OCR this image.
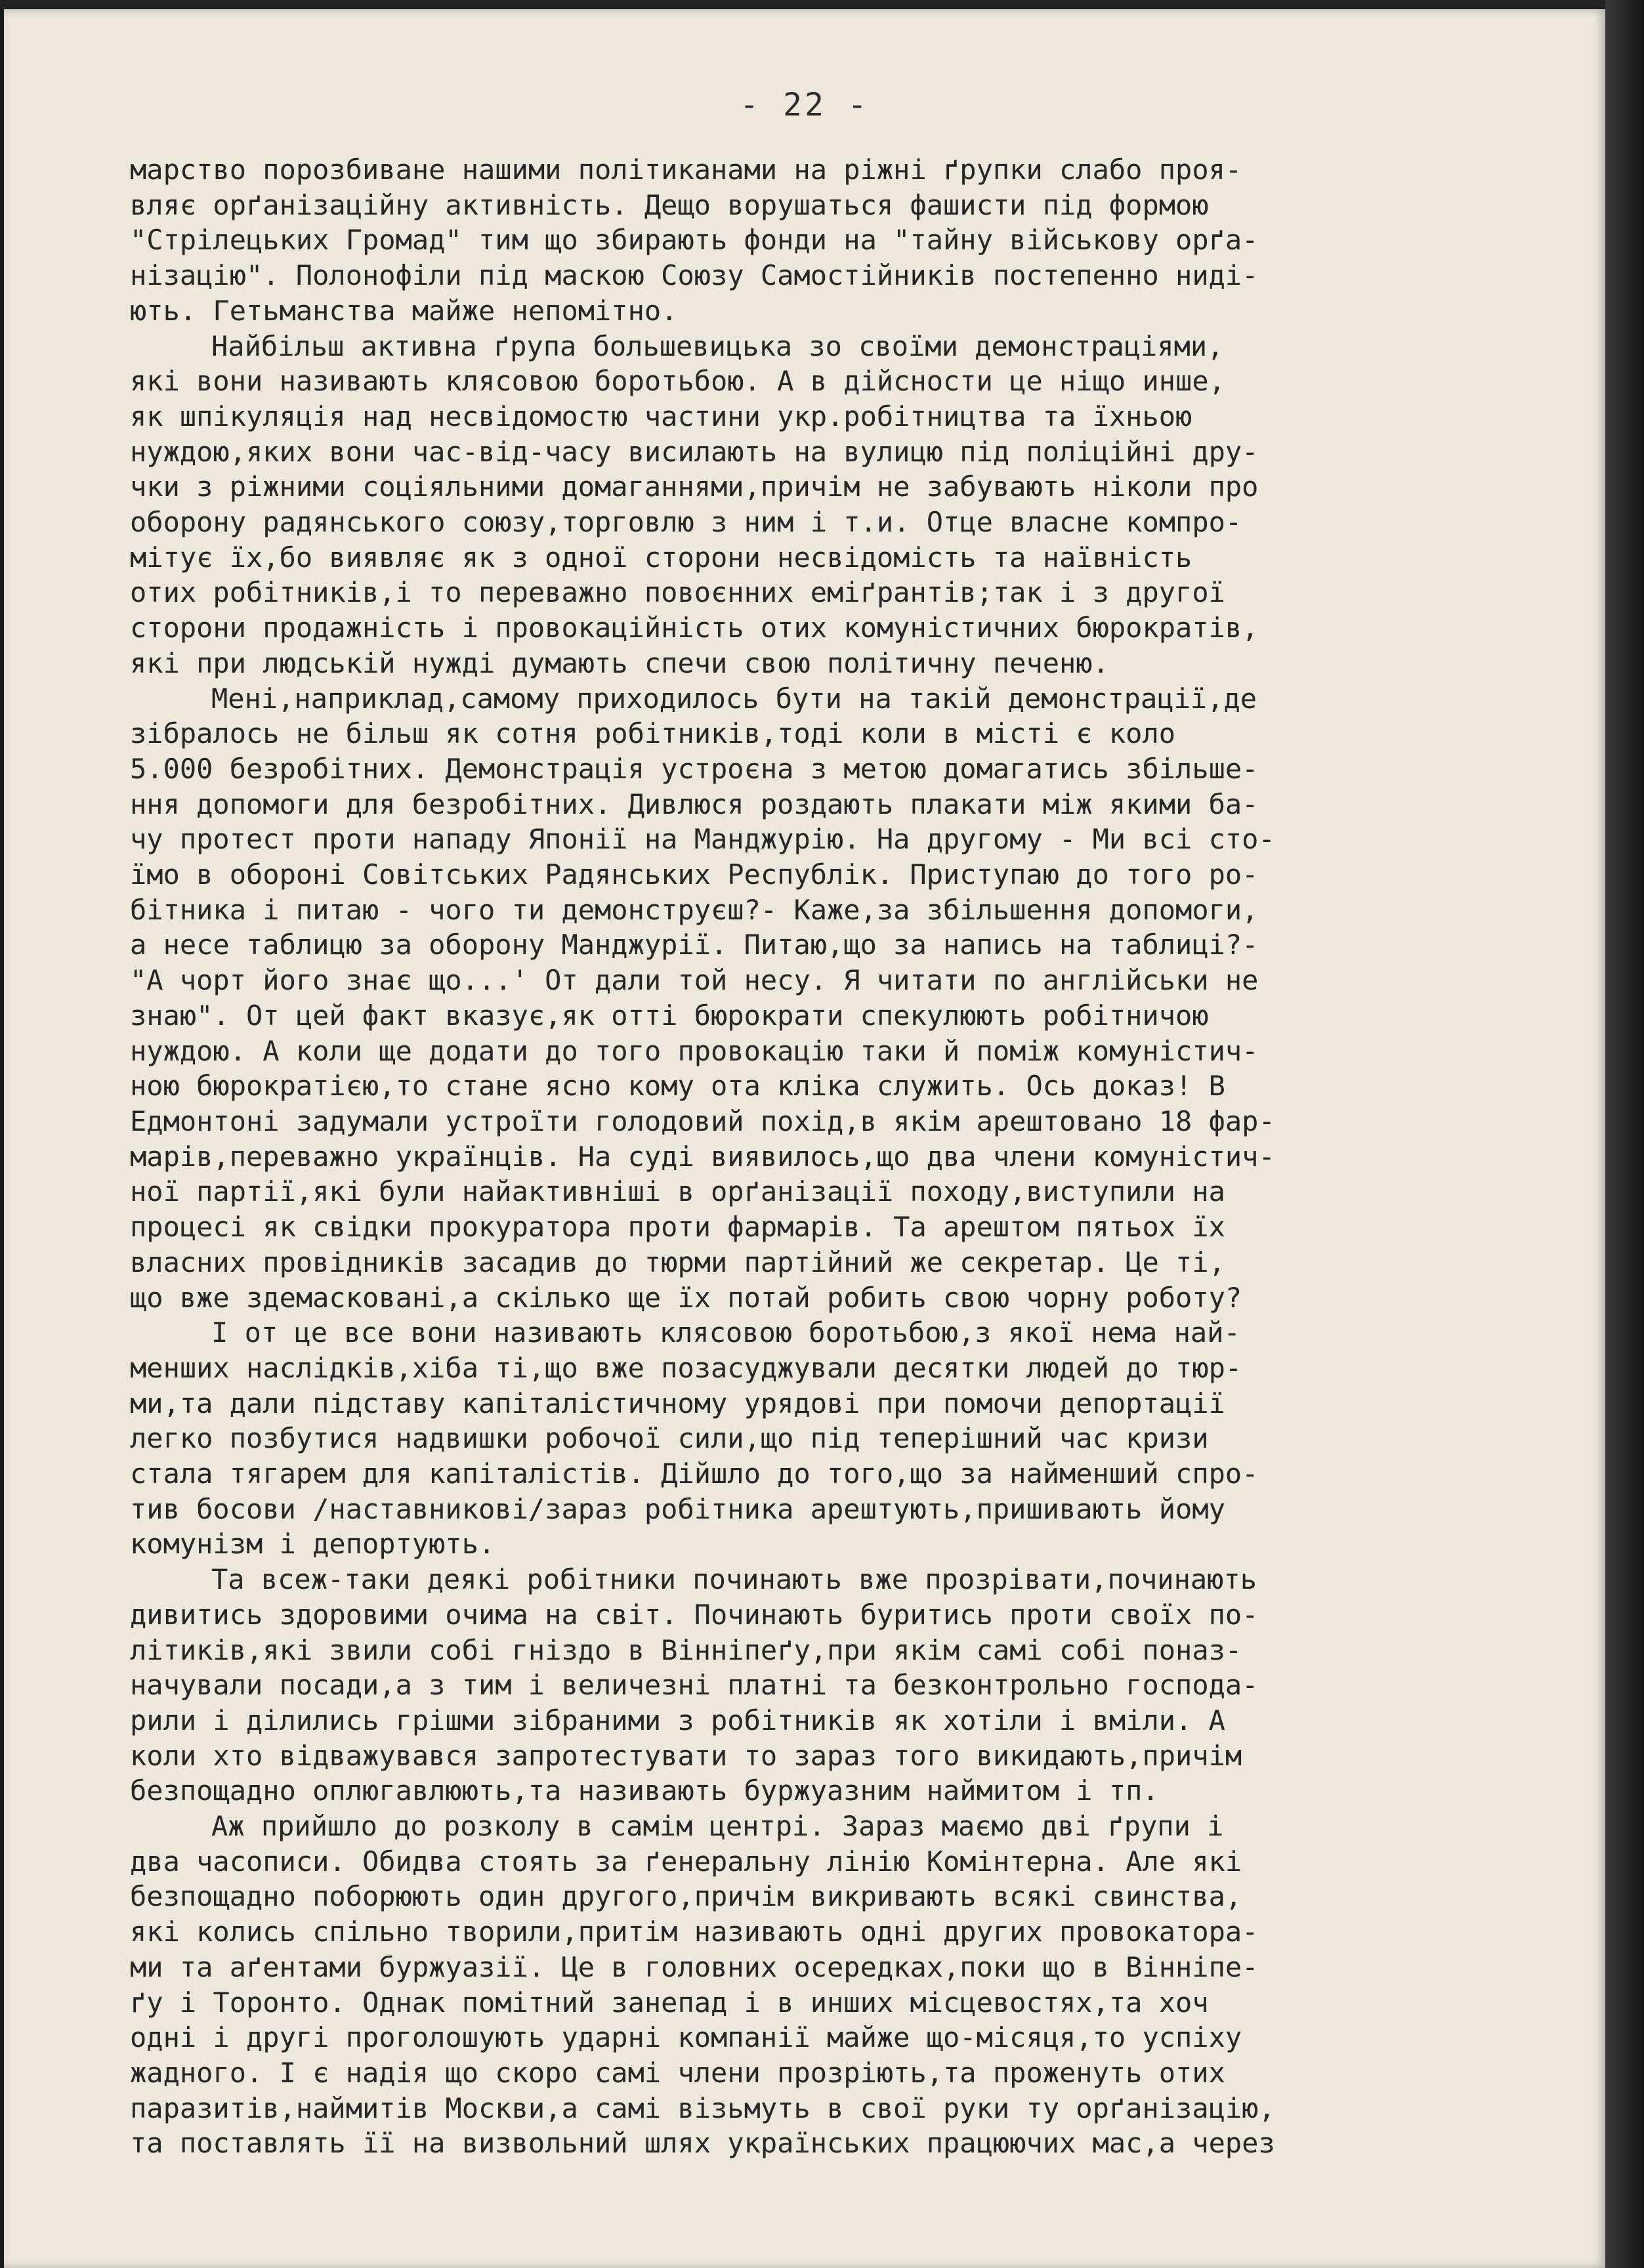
- 22 -
марство порозбиване нашими політиканами на ріжні ґрупки слабо проя-
вляє орґанізаційну активність. Дещо ворушаться фашисти під формою
"Стрілецьких Громад" тим що збирають фонди на "тайну військову орґа-
нізацію". Полонофіли під маскою Союзу Самостійників постепенно ниді-
ють. Гетьманства майже непомітно.
Найбільш активна ґрупа большевицька зо своїми демонстраціями,
які вони називають клясовою боротьбою. А в дійсности це ніщо инше,
як шпікуляція над несвідомостю частини укр.робітництва та їхньою
нуждою,яких вони час-від-часу висилають на вулицю під поліційні дру-
чки з ріжними соціяльними домаганнями,причім не забувають ніколи про
оборону радянського союзу,торговлю з ним і т.и. Отце власне компро-
мітує їх,бо виявляє як з одної сторони несвідомість та наївність
отих робітників,і то переважно повоєнних еміґрантів;так і з другої
сторони продажність і провокаційність отих комуністичних бюрократів,
які при людській нужді думають спечи свою політичну печеню.
Мені,наприклад,самому приходилось бути на такій демонстрації,де
зібралось не більш як сотня робітників,тоді коли в місті є коло
5.000 безробітних. Демонстрація устроєна з метою домагатись збільше-
ння допомоги для безробітних. Дивлюся роздають плакати між якими ба-
чу протест проти нападу Японії на Манджурію. На другому - Ми всі сто-
їмо в обороні Совітських Радянських Республік. Приступаю до того ро-
бітника і питаю - чого ти демонструєш?- Каже,за збільшення допомоги,
а несе таблицю за оборону Манджурії. Питаю,що за напись на таблиці?-
"А чорт його знає що...' От дали той несу. Я читати по англійськи не
знаю". От цей факт вказує,як отті бюрократи спекулюють робітничою
нуждою. А коли ще додати до того провокацію таки й поміж комуністич-
ною бюрократією,то стане ясно кому ота кліка служить. Ось доказ! В
Едмонтоні задумали устроїти голодовий похід,в якім арештовано 18 фар-
марів,переважно українців. На суді виявилось,що два члени комуністич-
ної партії,які були найактивніші в орґанізації походу,виступили на
процесі як свідки прокуратора проти фармарів. Та арештом пятьох їх
власних провідників засадив до тюрми партійний же секретар. Це ті,
що вже здемасковані,а скілько ще їх потай робить свою чорну роботу?
І от це все вони називають клясовою боротьбою,з якої нема най-
менших наслідків,хіба ті,що вже позасуджували десятки людей до тюр-
ми,та дали підставу капіталістичному урядові при помочи депортації
легко позбутися надвишки робочої сили,що під теперішний час кризи
стала тягарем для капіталістів. Дійшло до того,що за найменший спро-
тив босови /наставникові/зараз робітника арештують,пришивають йому
комунізм і депортують.
Та всеж-таки деякі робітники починають вже прозрівати,починають
дивитись здоровими очима на світ. Починають буритись проти своїх по-
літиків,які звили собі гніздо в Вінніпеґу,при якім самі собі поназ-
начували посади,а з тим і величезні платні та безконтрольно господа-
рили і ділились грішми зібраними з робітників як хотіли і вміли. А
коли хто відважувався запротестувати то зараз того викидають,причім
безпощадно оплюгавлюють,та називають буржуазним наймитом і тп.
Аж прийшло до розколу в самім центрі. Зараз маємо дві ґрупи і
два часописи. Обидва стоять за ґенеральну лінію Комінтерна. Але які
безпощадно поборюють один другого,причім викривають всякі свинства,
які колись спільно творили,притім називають одні других провокатора-
ми та аґентами буржуазії. Це в головних осередках,поки що в Вінніпе-
ґу і Торонто. Однак помітний занепад і в инших місцевостях,та хоч
одні і другі проголошують ударні компанії майже що-місяця,то успіху
жадного. І є надія що скоро самі члени прозріють,та проженуть отих
паразитів,наймитів Москви,а самі візьмуть в свої руки ту орґанізацію,
та поставлять її на визвольний шлях українських працюючих мас,а через
